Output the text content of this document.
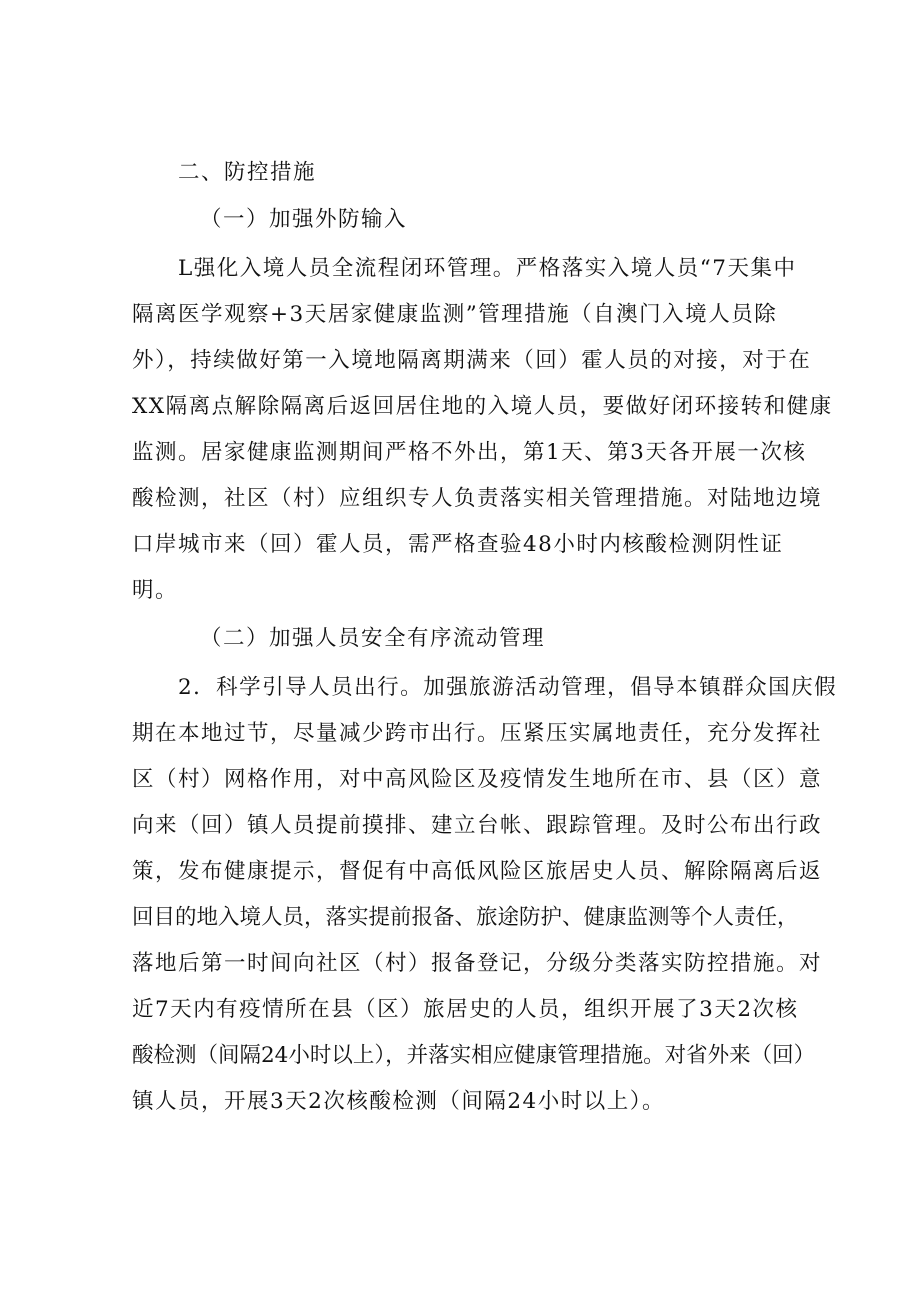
二、防控措施
（一）加强外防输入
L强化入境人员全流程闭环管理。严格落实入境人员“7天集中
隔离医学观察+3天居家健康监测”管理措施（自澳门入境人员除
外），持续做好第一入境地隔离期满来（回）霍人员的对接，对于在
XX隔离点解除隔离后返回居住地的入境人员，要做好闭环接转和健康
监测。居家健康监测期间严格不外出，第1天、第3天各开展一次核
酸检测，社区（村）应组织专人负责落实相关管理措施。对陆地边境
口岸城市来（回）霍人员，需严格查验48小时内核酸检测阴性证
明。
（二）加强人员安全有序流动管理
2．科学引导人员出行。加强旅游活动管理，倡导本镇群众国庆假
期在本地过节，尽量减少跨市出行。压紧压实属地责任，充分发挥社
区（村）网格作用，对中高风险区及疫情发生地所在市、县（区）意
向来（回）镇人员提前摸排、建立台帐、跟踪管理。及时公布出行政
策，发布健康提示，督促有中高低风险区旅居史人员、解除隔离后返
回目的地入境人员，落实提前报备、旅途防护、健康监测等个人责任，
落地后第一时间向社区（村）报备登记，分级分类落实防控措施。对
近7天内有疫情所在县（区）旅居史的人员，组织开展了3天2次核
酸检测（间隔24小时以上），并落实相应健康管理措施。对省外来（回）
镇人员，开展3天2次核酸检测（间隔24小时以上）。
